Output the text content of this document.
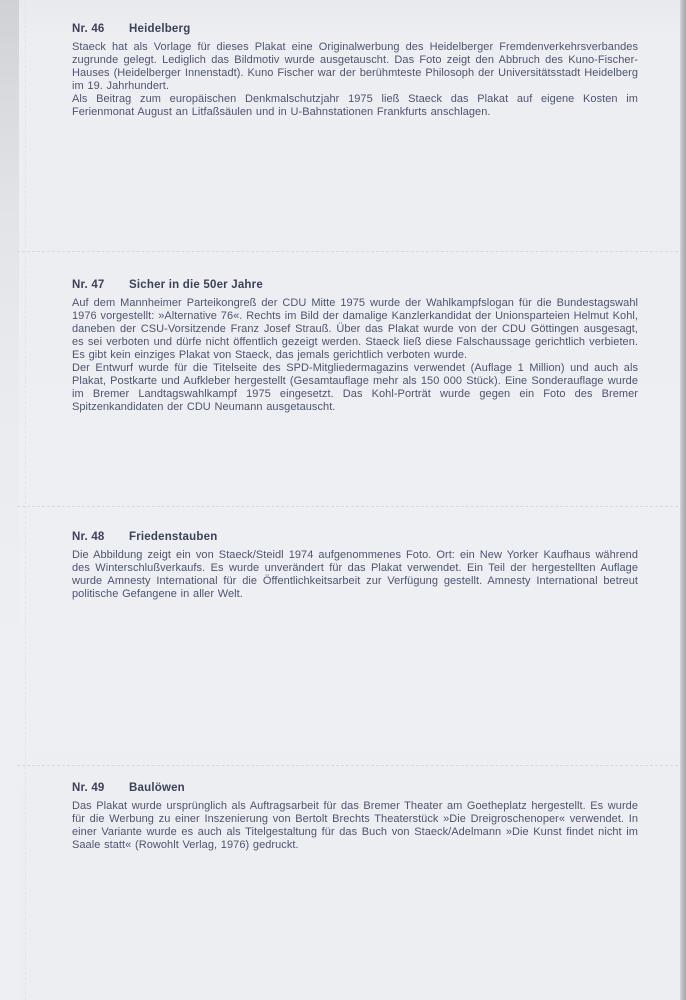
Nr. 46	Heidelberg

Staeck hat als Vorlage für dieses Plakat eine Originalwerbung des Heidelberger Fremdenverkehrsverbandes zugrunde gelegt. Lediglich das Bildmotiv wurde ausgetauscht. Das Foto zeigt den Abbruch des Kuno-Fischer-Hauses (Heidelberger Innenstadt). Kuno Fischer war der berühmteste Philosoph der Universitätsstadt Heidelberg im 19. Jahrhundert.

Als Beitrag zum europäischen Denkmalschutzjahr 1975 ließ Staeck das Plakat auf eigene Kosten im Ferienmonat August an Litfaßsäulen und in U-Bahnstationen Frankfurts anschlagen.

Nr. 47	Sicher in die 50er Jahre

Auf dem Mannheimer Parteikongreß der CDU Mitte 1975 wurde der Wahlkampfslogan für die Bundestagswahl 1976 vorgestellt: »Alternative 76«. Rechts im Bild der damalige Kanzlerkandidat der Unionsparteien Helmut Kohl, daneben der CSU-Vorsitzende Franz Josef Strauß. Über das Plakat wurde von der CDU Göttingen ausgesagt, es sei verboten und dürfe nicht öffentlich gezeigt werden. Staeck ließ diese Falschaussage gerichtlich verbieten. Es gibt kein einziges Plakat von Staeck, das jemals gerichtlich verboten wurde.

Der Entwurf wurde für die Titelseite des SPD-Mitgliedermagazins verwendet (Auflage 1 Million) und auch als Plakat, Postkarte und Aufkleber hergestellt (Gesamtauflage mehr als 150 000 Stück). Eine Sonderauflage wurde im Bremer Landtagswahlkampf 1975 eingesetzt. Das Kohl-Porträt wurde gegen ein Foto des Bremer Spitzenkandidaten der CDU Neumann ausgetauscht.

Nr. 48	Friedenstauben

Die Abbildung zeigt ein von Staeck/Steidl 1974 aufgenommenes Foto. Ort: ein New Yorker Kaufhaus während des Winterschlußverkaufs. Es wurde unverändert für das Plakat verwendet. Ein Teil der hergestellten Auflage wurde Amnesty International für die Öffentlichkeitsarbeit zur Verfügung gestellt. Amnesty International betreut politische Gefangene in aller Welt.

Nr. 49	Baulöwen

Das Plakat wurde ursprünglich als Auftragsarbeit für das Bremer Theater am Goetheplatz hergestellt. Es wurde für die Werbung zu einer Inszenierung von Bertolt Brechts Theaterstück »Die Dreigroschenoper« verwendet. In einer Variante wurde es auch als Titelgestaltung für das Buch von Staeck/Adelmann »Die Kunst findet nicht im Saale statt« (Rowohlt Verlag, 1976) gedruckt.
